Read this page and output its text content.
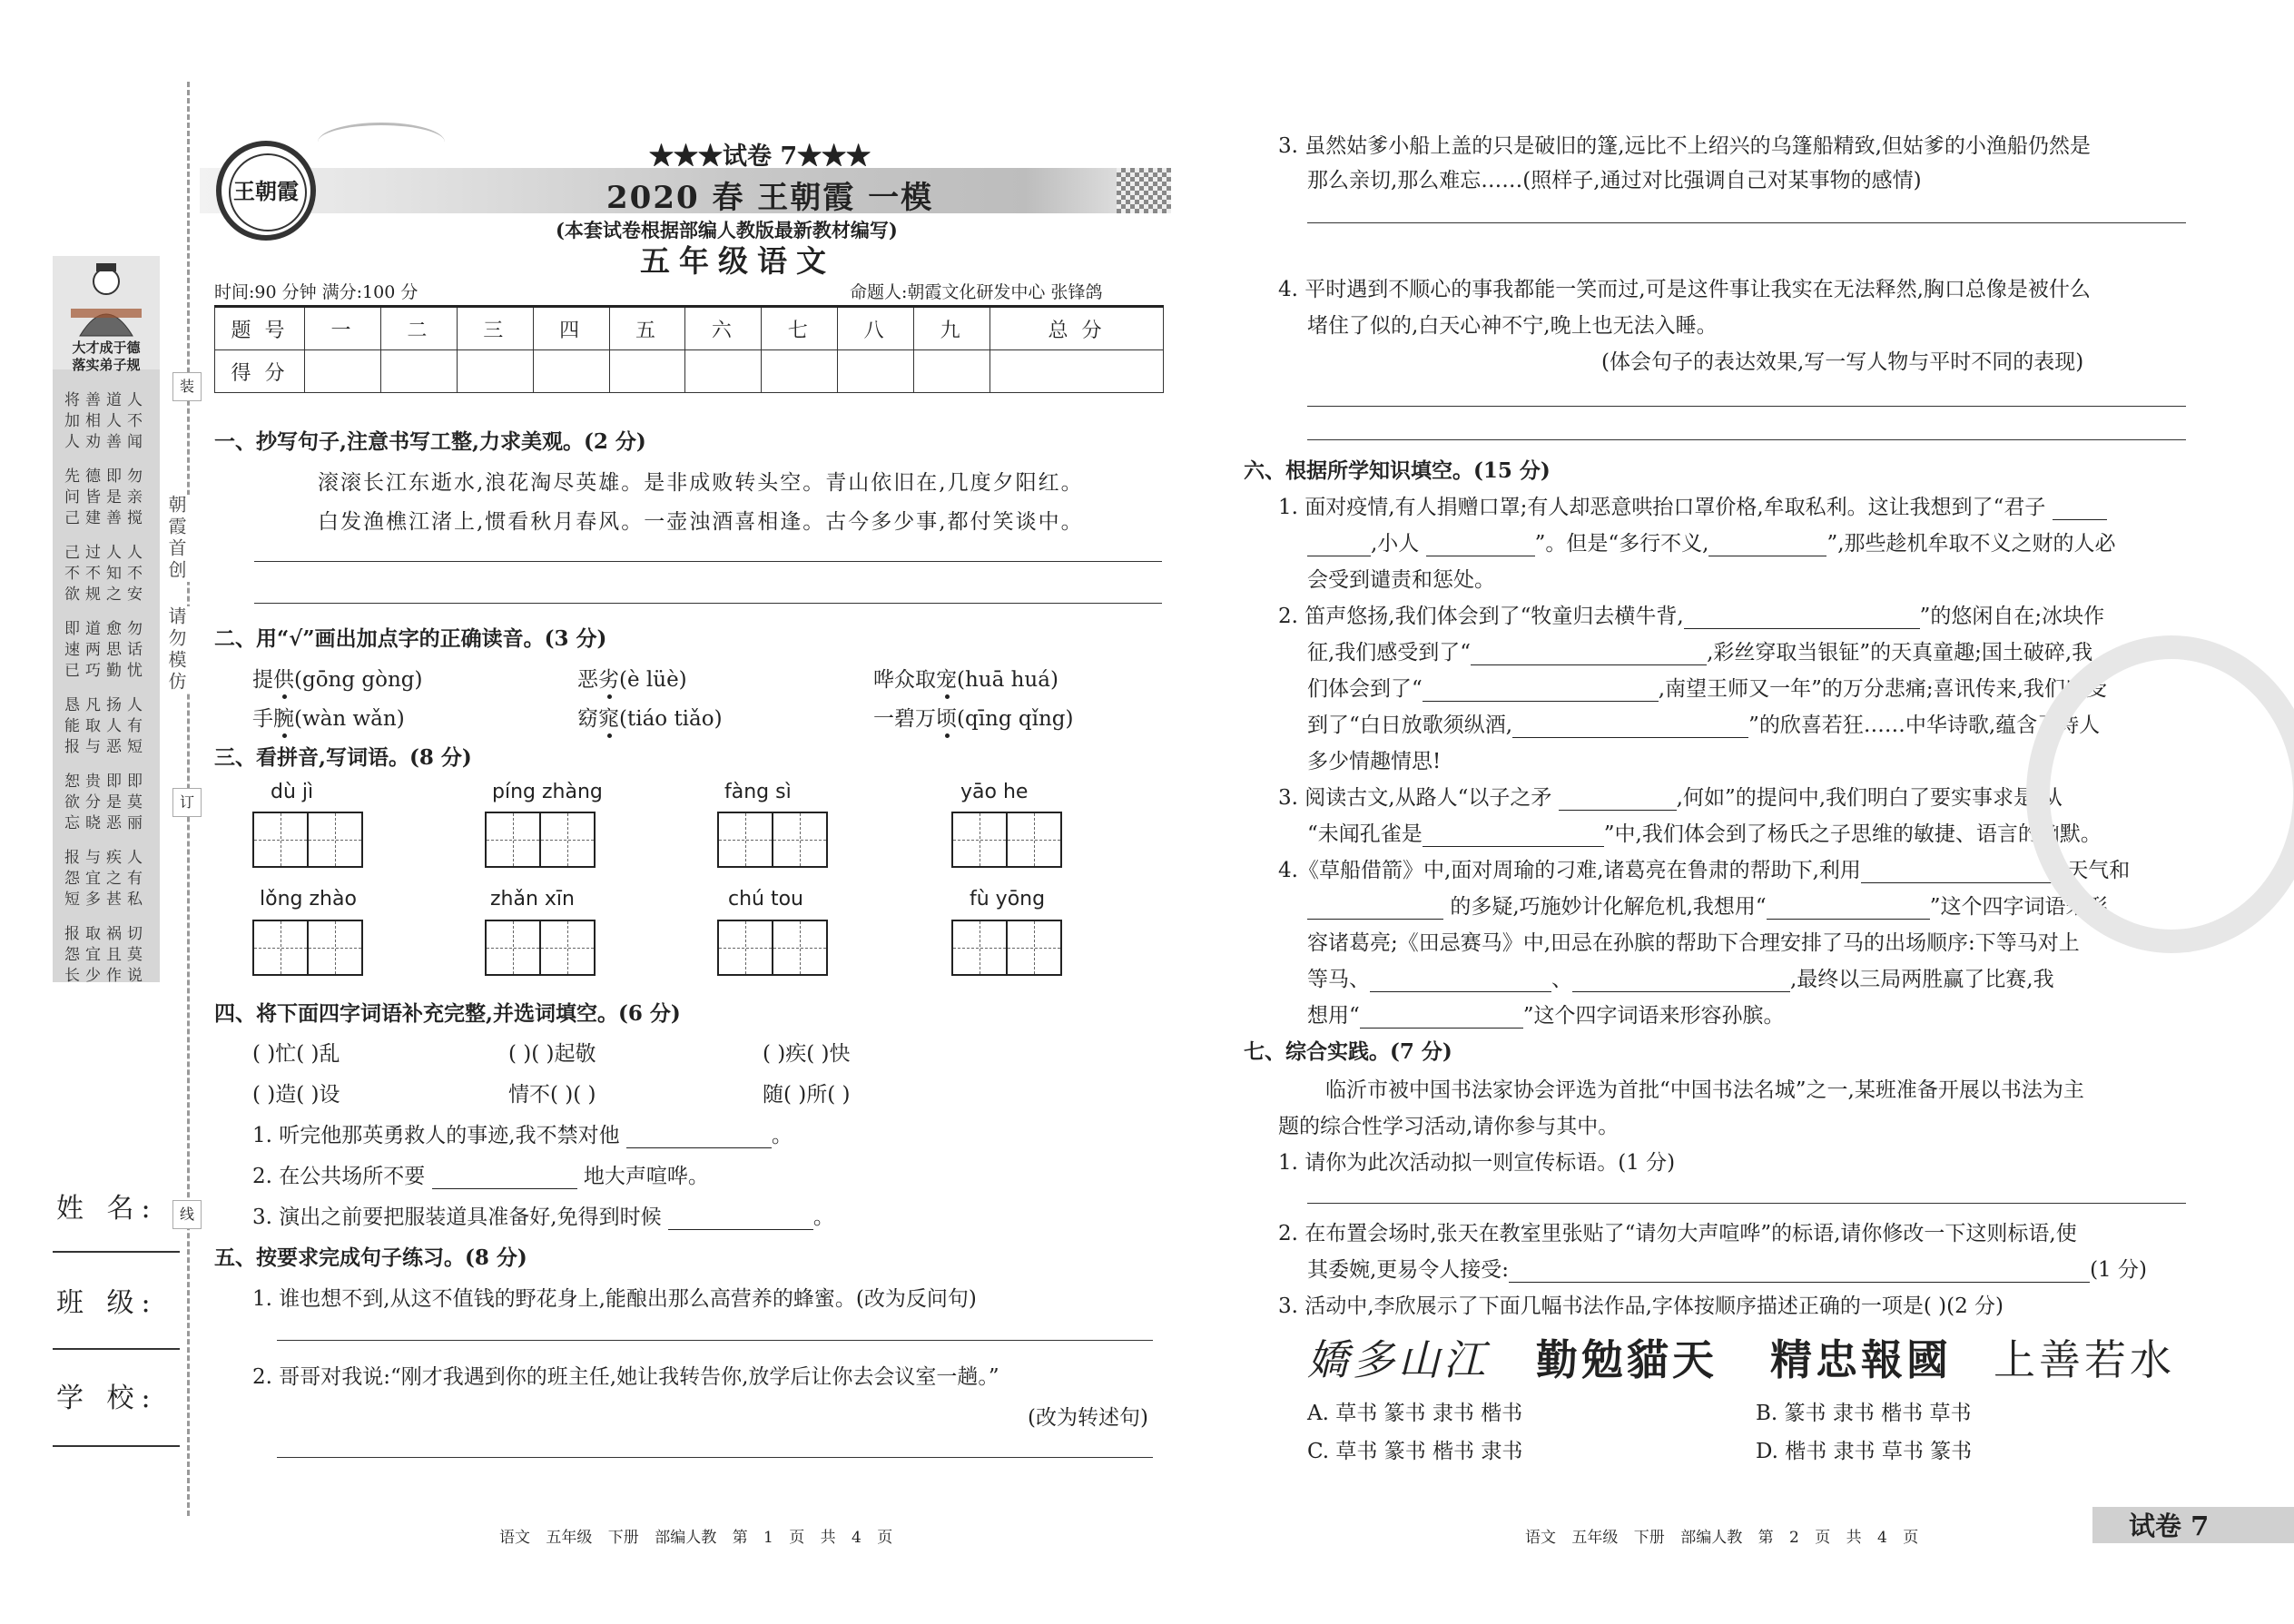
装
订
线
朝霞首创
请勿模仿
大才成于德
落实弟子规
将善道人 加相人不 人劝善闻
先德即勿 问皆是亲 己建善搅
己过人人 不不知不 欲规之安
即道愈勿 速两思话 已巧勤忧
恳凡扬人 能取人有 报与恶短
恕贵即即 欲分是莫 忘晓恶丽
报与疾人 怨宜之有 短多甚私
报取祸切 怨宜且莫 长少作说
姓 名:
班 级:
学 校:
王朝霞
★★★试卷 7★★★
2020 春 王朝霞 一模
(本套试卷根据部编人教版最新教材编写)
五年级语文
时间:90 分钟 满分:100 分	命题人:朝霞文化研发中心 张锋鸽
题 号	一	二	三	四	五	六	七	八	九	总 分
得 分										
一、抄写句子,注意书写工整,力求美观。(2 分)
滚滚长江东逝水,浪花淘尽英雄。是非成败转头空。青山依旧在,几度夕阳红。
白发渔樵江渚上,惯看秋月春风。一壶浊酒喜相逢。古今多少事,都付笑谈中。
二、用“√”画出加点字的正确读音。(3 分)
提供(gōng gòng)	恶劣(è lüè)	哗众取宠(huā huá)
手腕(wàn wǎn)	窈窕(tiáo tiǎo)	一碧万顷(qīng qǐng)
三、看拼音,写词语。(8 分)
dù jì	píng zhàng	fàng sì	yāo he
lǒng zhào	zhǎn xīn	chú tou	fù yōng
四、将下面四字词语补充完整,并选词填空。(6 分)
( )忙( )乱	( )( )起敬	( )疾( )快
( )造( )设	情不( )( )	随( )所( )
1. 听完他那英勇救人的事迹,我不禁对他	。
2. 在公共场所不要	地大声喧哗。
3. 演出之前要把服装道具准备好,免得到时候	。
五、按要求完成句子练习。(8 分)
1. 谁也想不到,从这不值钱的野花身上,能酿出那么高营养的蜂蜜。(改为反问句)
2. 哥哥对我说:“刚才我遇到你的班主任,她让我转告你,放学后让你去会议室一趟。”
(改为转述句)
3. 虽然姑爹小船上盖的只是破旧的篷,远比不上绍兴的乌篷船精致,但姑爹的小渔船仍然是
那么亲切,那么难忘……(照样子,通过对比强调自己对某事物的感情)
4. 平时遇到不顺心的事我都能一笑而过,可是这件事让我实在无法释然,胸口总像是被什么
堵住了似的,白天心神不宁,晚上也无法入睡。
(体会句子的表达效果,写一写人物与平时不同的表现)
六、根据所学知识填空。(15 分)
1. 面对疫情,有人捐赠口罩;有人却恶意哄抬口罩价格,牟取私利。这让我想到了“君子
,小人	”。但是“多行不义,	”,那些趁机牟取不义之财的人必
会受到谴责和惩处。
2. 笛声悠扬,我们体会到了“牧童归去横牛背,	”的悠闲自在;冰块作
征,我们感受到了“	,彩丝穿取当银钲”的天真童趣;国土破碎,我
们体会到了“	,南望王师又一年”的万分悲痛;喜讯传来,我们感受
到了“白日放歌须纵酒,	”的欣喜若狂……中华诗歌,蕴含了诗人
多少情趣情思!
3. 阅读古文,从路人“以子之矛	,何如”的提问中,我们明白了要实事求是;从
“未闻孔雀是	”中,我们体会到了杨氏之子思维的敏捷、语言的幽默。
4.《草船借箭》中,面对周瑜的刁难,诸葛亮在鲁肃的帮助下,利用	天气和
的多疑,巧施妙计化解危机,我想用“	”这个四字词语来形
容诸葛亮;《田忌赛马》中,田忌在孙膑的帮助下合理安排了马的出场顺序:下等马对上
等马、	、	,最终以三局两胜赢了比赛,我
想用“	”这个四字词语来形容孙膑。
七、综合实践。(7 分)
临沂市被中国书法家协会评选为首批“中国书法名城”之一,某班准备开展以书法为主
题的综合性学习活动,请你参与其中。
1. 请你为此次活动拟一则宣传标语。(1 分)
2. 在布置会场时,张天在教室里张贴了“请勿大声喧哗”的标语,请你修改一下这则标语,使
其委婉,更易令人接受:	(1 分)
3. 活动中,李欣展示了下面几幅书法作品,字体按顺序描述正确的一项是( )(2 分)
嬌多山江 勤勉貓天 精忠報國 上善若水
A. 草书 篆书 隶书 楷书	B. 篆书 隶书 楷书 草书
C. 草书 篆书 楷书 隶书	D. 楷书 隶书 草书 篆书
语文 五年级 下册 部编人教 第 1 页 共 4 页	语文 五年级 下册 部编人教 第 2 页 共 4 页	试卷 7
